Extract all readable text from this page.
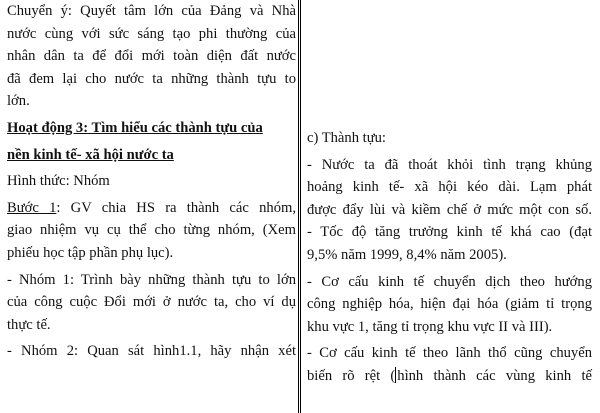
Chuyển ý: Quyết tâm lớn của Đảng và Nhà
nước cùng với sức sáng tạo phi thường của
nhân dân ta để đổi mới toàn diện đất nước
đã đem lại cho nước ta những thành tựu to
lớn.
Hoạt động 3: Tìm hiểu các thành tựu của
nền kinh tế- xã hội nước ta
Hình thức: Nhóm
Bước 1: GV chia HS ra thành các nhóm,
giao nhiệm vụ cụ thể cho từng nhóm, (Xem
phiếu học tập phần phụ lục).
- Nhóm 1: Trình bày những thành tựu to lớn
của công cuộc Đổi mới ở nước ta, cho ví dụ
thực tế.
- Nhóm 2: Quan sát hình1.1, hãy nhận xét
c) Thành tựu:
- Nước ta đã thoát khỏi tình trạng khủng
hoảng kinh tế- xã hội kéo dài. Lạm phát
được đẩy lùi và kiềm chế ở mức một con số.
- Tốc độ tăng trưởng kinh tế khá cao (đạt
9,5% năm 1999, 8,4% năm 2005).
- Cơ cấu kinh tế chuyển dịch theo hướng
công nghiệp hóa, hiện đại hóa (giảm tỉ trọng
khu vực 1, tăng tỉ trọng khu vực II và III).
- Cơ cấu kinh tế theo lãnh thổ cũng chuyển
biến rõ rệt ( hình thành các vùng kinh tế
